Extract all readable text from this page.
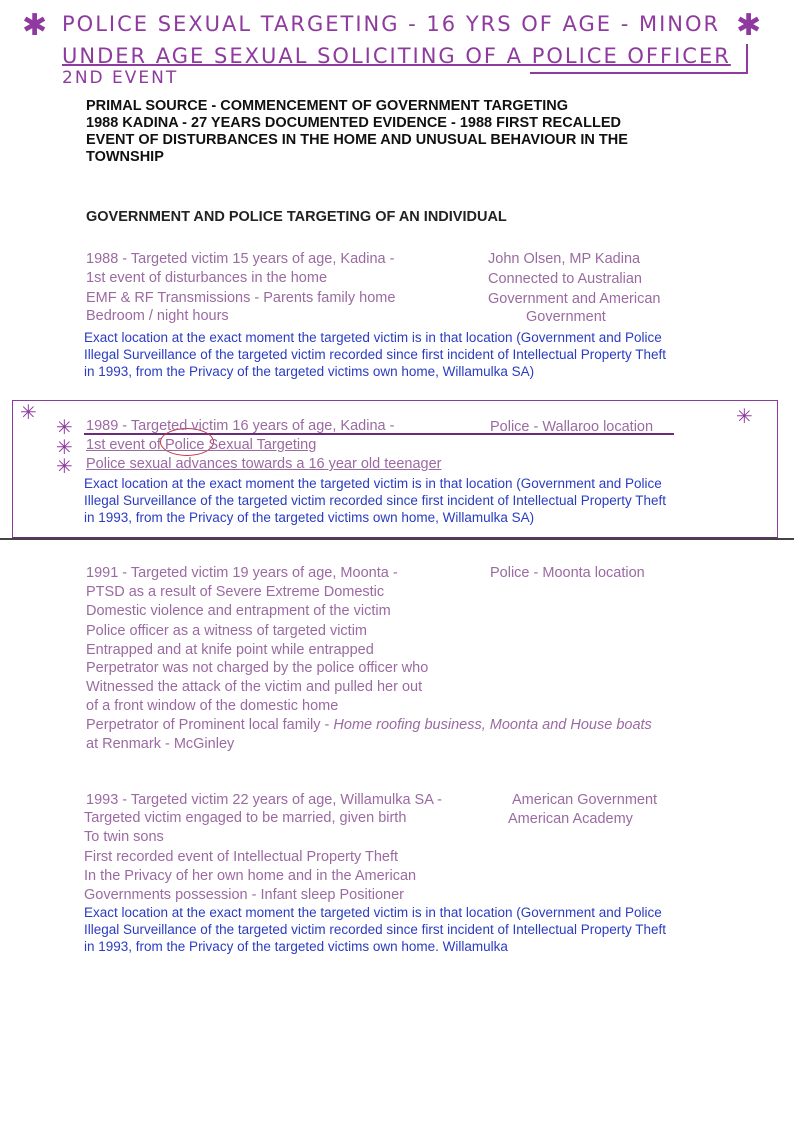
✱	✱
POLICE SEXUAL TARGETING - 16 YRS OF AGE - MINOR
UNDER AGE SEXUAL SOLICITING OF A POLICE OFFICER
2ND EVENT
PRIMAL SOURCE - COMMENCEMENT OF GOVERNMENT TARGETING
1988 KADINA - 27 YEARS DOCUMENTED EVIDENCE - 1988 FIRST RECALLED
EVENT OF DISTURBANCES IN THE HOME AND UNUSUAL BEHAVIOUR IN THE
TOWNSHIP
GOVERNMENT AND POLICE TARGETING OF AN INDIVIDUAL
1988 - Targeted victim 15 years of age, Kadina -
1st event of disturbances in the home
EMF & RF Transmissions - Parents family home
Bedroom / night hours
John Olsen, MP Kadina
Connected to Australian
Government and American
Government
Exact location at the exact moment the targeted victim is in that location (Government and Police
Illegal Surveillance of the targeted victim recorded since first incident of Intellectual Property Theft
in 1993, from the Privacy of the targeted victims own home, Willamulka SA)
✳
✳
✳
✳
✳
1989 - Targeted victim 16 years of age, Kadina -
1st event of Police Sexual Targeting
Police sexual advances towards a 16 year old teenager
Police - Wallaroo location
Exact location at the exact moment the targeted victim is in that location (Government and Police
Illegal Surveillance of the targeted victim recorded since first incident of Intellectual Property Theft
in 1993, from the Privacy of the targeted victims own home, Willamulka SA)
1991 - Targeted victim 19 years of age, Moonta -
PTSD as a result of Severe Extreme Domestic
Domestic violence and entrapment of the victim
Police officer as a witness of targeted victim
Entrapped and at knife point while entrapped
Perpetrator was not charged by the police officer who
Witnessed the attack of the victim and pulled her out
of a front window of the domestic home
Perpetrator of Prominent local family - Home roofing business, Moonta and House boats
at Renmark - McGinley
Police - Moonta location
1993 - Targeted victim 22 years of age, Willamulka SA -
Targeted victim engaged to be married, given birth
To twin sons
First recorded event of Intellectual Property Theft
In the Privacy of her own home and in the American
Governments possession - Infant sleep Positioner
American Government
American Academy
Exact location at the exact moment the targeted victim is in that location (Government and Police
Illegal Surveillance of the targeted victim recorded since first incident of Intellectual Property Theft
in 1993, from the Privacy of the targeted victims own home. Willamulka
